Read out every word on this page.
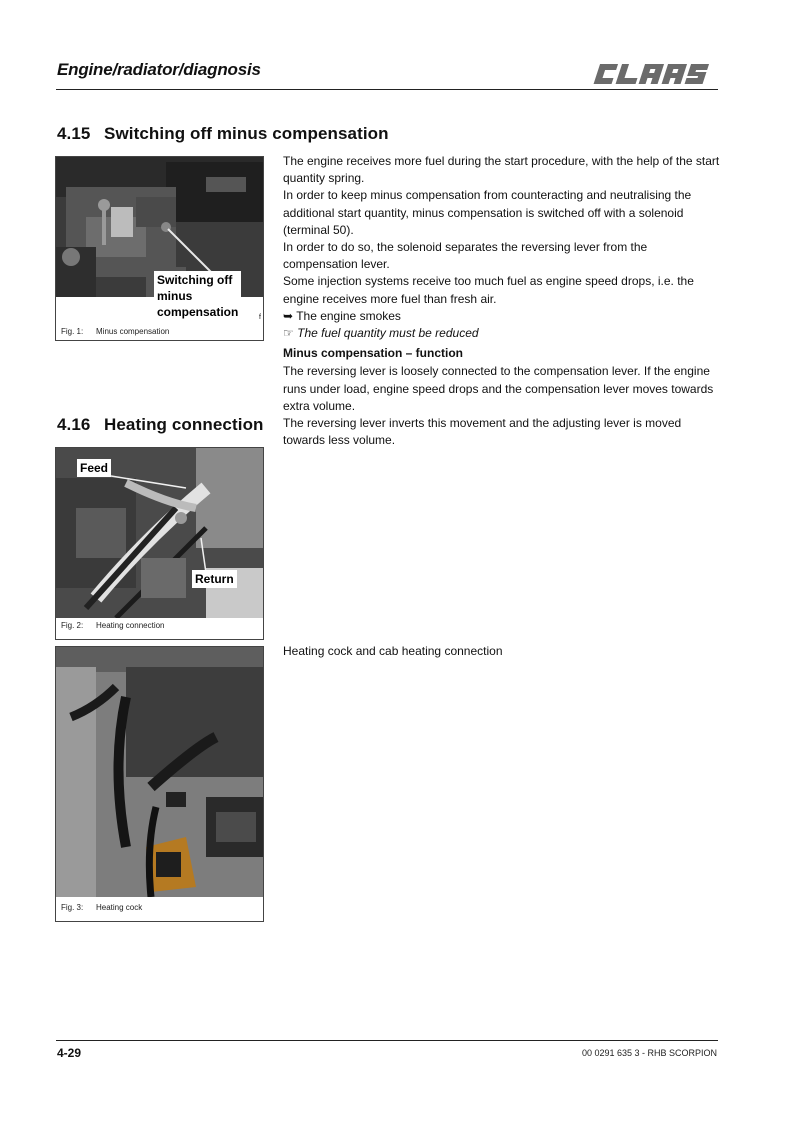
Engine/radiator/diagnosis
4.15 Switching off minus compensation
Switching off
minus
compensation	f
Fig. 1: Minus compensation

The engine receives more fuel during the start procedure, with the help of the start quantity spring.

In order to keep minus compensation from counteracting and neutralising the additional start quantity, minus compensation is switched off with a solenoid (terminal 50).

In order to do so, the solenoid separates the reversing lever from the compensation lever.

Some injection systems receive too much fuel as engine speed drops, i.e. the engine receives more fuel than fresh air.

➥ The engine smokes

☞ The fuel quantity must be reduced

Minus compensation – function

The reversing lever is loosely connected to the compensation lever. If the engine runs under load, engine speed drops and the compensation lever moves towards extra volume.

The reversing lever inverts this movement and the adjusting lever is moved towards less volume.

4.16 Heating connection
Feed
Return
Fig. 2: Heating connection
Fig. 3: Heating cock

Heating cock and cab heating connection

4-29	00 0291 635 3 - RHB SCORPION
